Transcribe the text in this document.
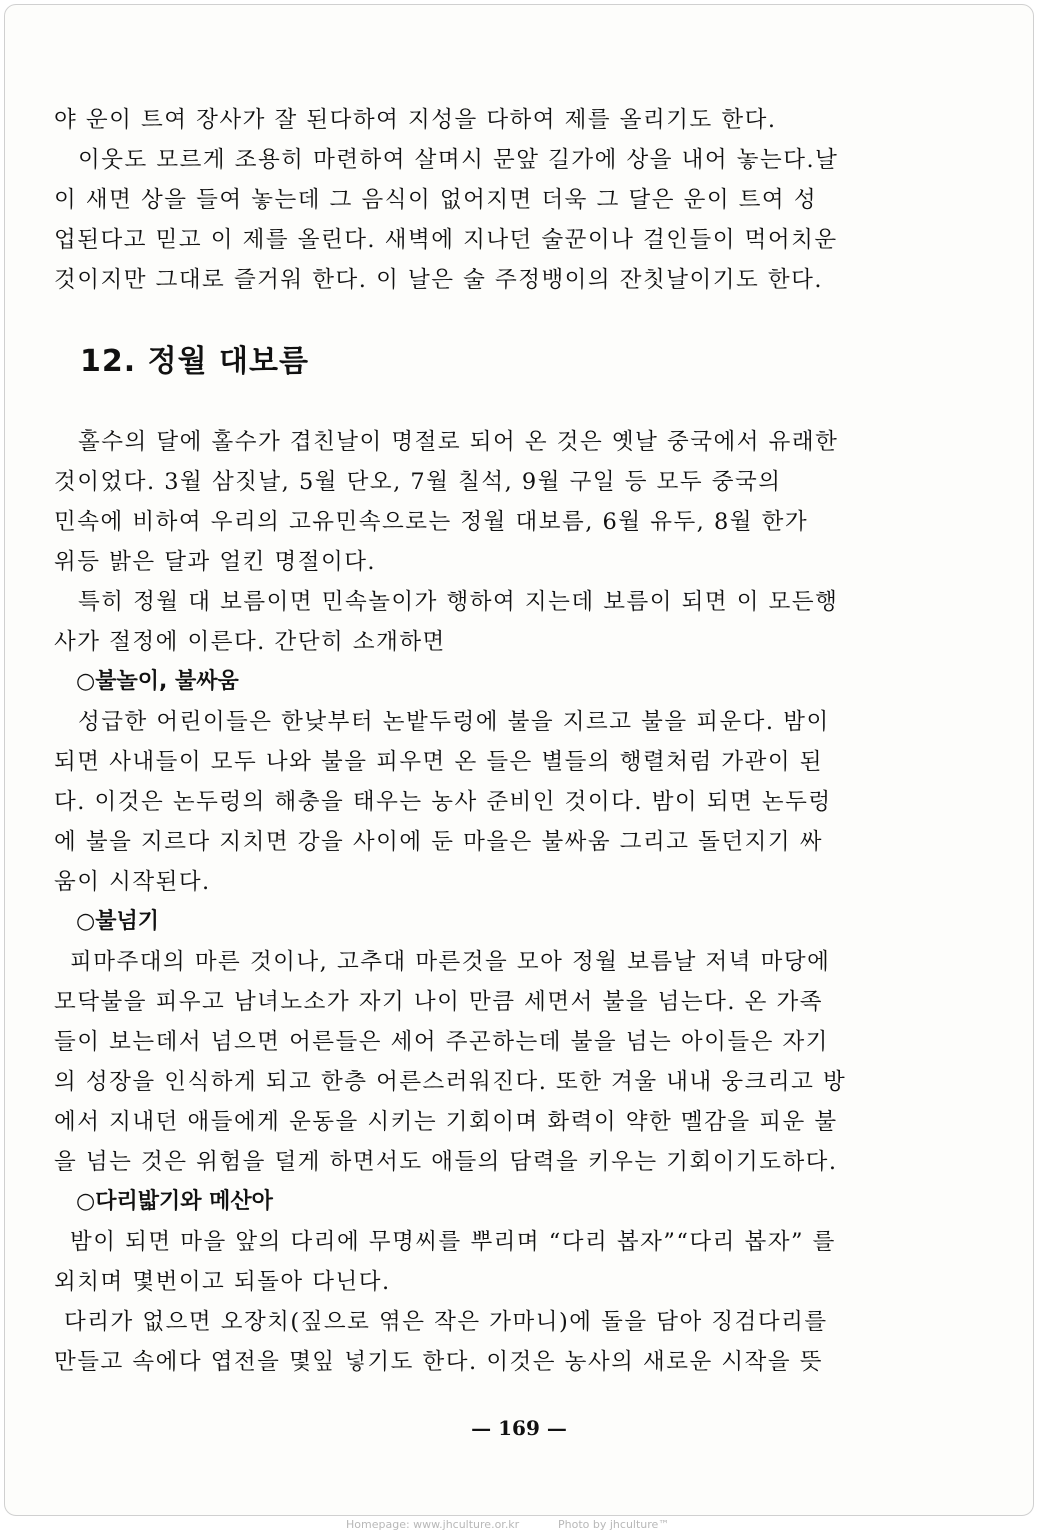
야 운이 트여 장사가 잘 된다하여 지성을 다하여 제를 올리기도 한다.
이웃도 모르게 조용히 마련하여 살며시 문앞 길가에 상을 내어 놓는다.날
이 새면 상을 들여 놓는데 그 음식이 없어지면 더욱 그 달은 운이 트여 성
업된다고 믿고 이 제를 올린다. 새벽에 지나던 술꾼이나 걸인들이 먹어치운
것이지만 그대로 즐거워 한다. 이 날은 술 주정뱅이의 잔칫날이기도 한다.
12. 정월 대보름
홀수의 달에 홀수가 겹친날이 명절로 되어 온 것은 옛날 중국에서 유래한
것이었다. 3월 삼짓날, 5월 단오, 7월 칠석, 9월 구일 등 모두 중국의
민속에 비하여 우리의 고유민속으로는 정월 대보름, 6월 유두, 8월 한가
위등 밝은 달과 얼킨 명절이다.
특히 정월 대 보름이면 민속놀이가 행하여 지는데 보름이 되면 이 모든행
사가 절정에 이른다. 간단히 소개하면
○불놀이, 불싸움
성급한 어린이들은 한낮부터 논밭두렁에 불을 지르고 불을 피운다. 밤이
되면 사내들이 모두 나와 불을 피우면 온 들은 별들의 행렬처럼 가관이 된
다. 이것은 논두렁의 해충을 태우는 농사 준비인 것이다. 밤이 되면 논두렁
에 불을 지르다 지치면 강을 사이에 둔 마을은 불싸움 그리고 돌던지기 싸
움이 시작된다.
○불넘기
피마주대의 마른 것이나, 고추대 마른것을 모아 정월 보름날 저녁 마당에
모닥불을 피우고 남녀노소가 자기 나이 만큼 세면서 불을 넘는다. 온 가족
들이 보는데서 넘으면 어른들은 세어 주곤하는데 불을 넘는 아이들은 자기
의 성장을 인식하게 되고 한층 어른스러워진다. 또한 겨울 내내 웅크리고 방
에서 지내던 애들에게 운동을 시키는 기회이며 화력이 약한 멜감을 피운 불
을 넘는 것은 위험을 덜게 하면서도 애들의 담력을 키우는 기회이기도하다.
○다리밟기와 메산아
밤이 되면 마을 앞의 다리에 무명씨를 뿌리며 “다리 봅자”“다리 봅자” 를
외치며 몇번이고 되돌아 다닌다.
다리가 없으면 오장치(짚으로 엮은 작은 가마니)에 돌을 담아 징검다리를
만들고 속에다 엽전을 몇잎 넣기도 한다. 이것은 농사의 새로운 시작을 뜻
— 169 —
Homepage: www.jhculture.or.kr	Photo by jhculture™
